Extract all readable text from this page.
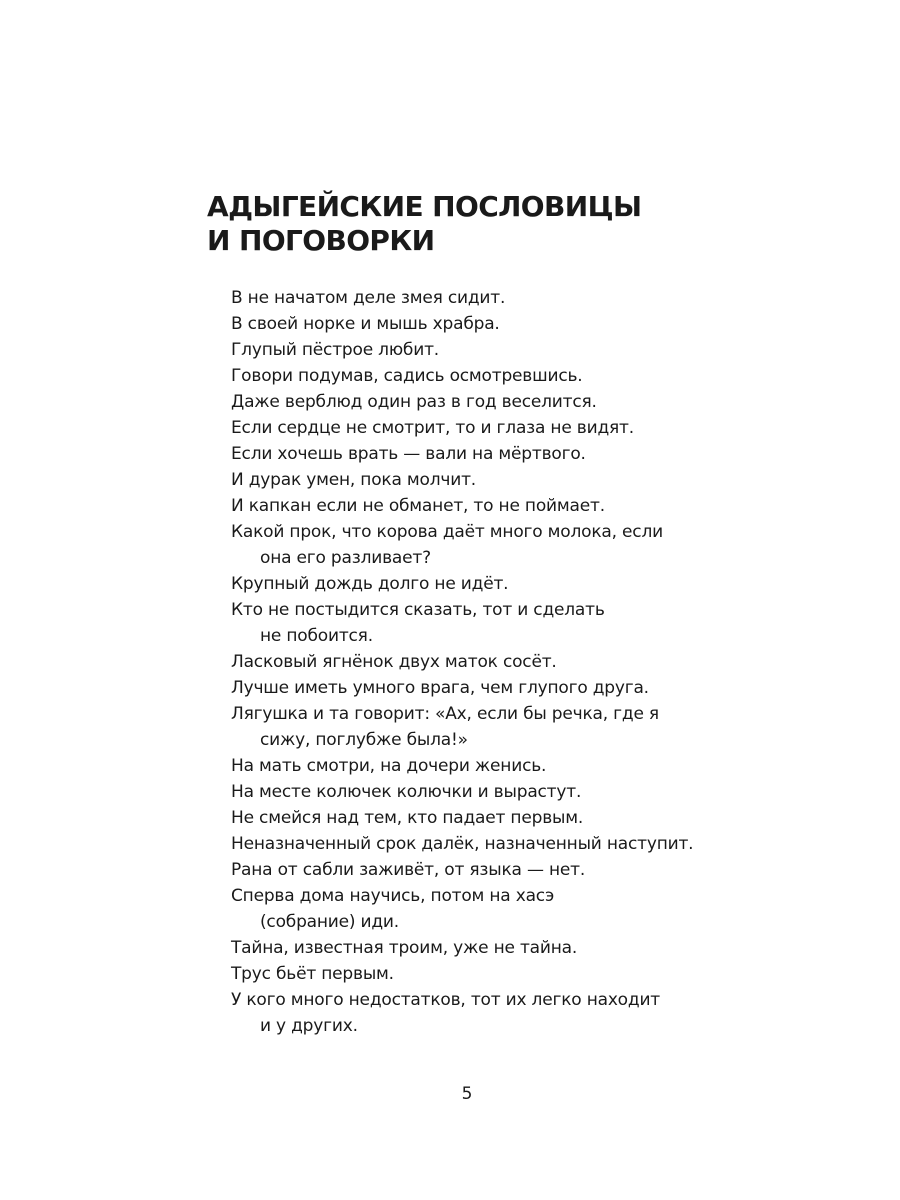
АДЫГЕЙСКИЕ ПОСЛОВИЦЫ
И ПОГОВОРКИ
В не начатом деле змея сидит.
В своей норке и мышь храбра.
Глупый пёстрое любит.
Говори подумав, садись осмотревшись.
Даже верблюд один раз в год веселится.
Если сердце не смотрит, то и глаза не видят.
Если хочешь врать — вали на мёртвого.
И дурак умен, пока молчит.
И капкан если не обманет, то не поймает.
Какой прок, что корова даёт много молока, если
она его разливает?
Крупный дождь долго не идёт.
Кто не постыдится сказать, тот и сделать
не побоится.
Ласковый ягнёнок двух маток сосёт.
Лучше иметь умного врага, чем глупого друга.
Лягушка и та говорит: «Ах, если бы речка, где я
сижу, поглубже была!»
На мать смотри, на дочери женись.
На месте колючек колючки и вырастут.
Не смейся над тем, кто падает первым.
Неназначенный срок далёк, назначенный наступит.
Рана от сабли заживёт, от языка — нет.
Сперва дома научись, потом на хасэ
(собрание) иди.
Тайна, известная троим, уже не тайна.
Трус бьёт первым.
У кого много недостатков, тот их легко находит
и у других.
5
